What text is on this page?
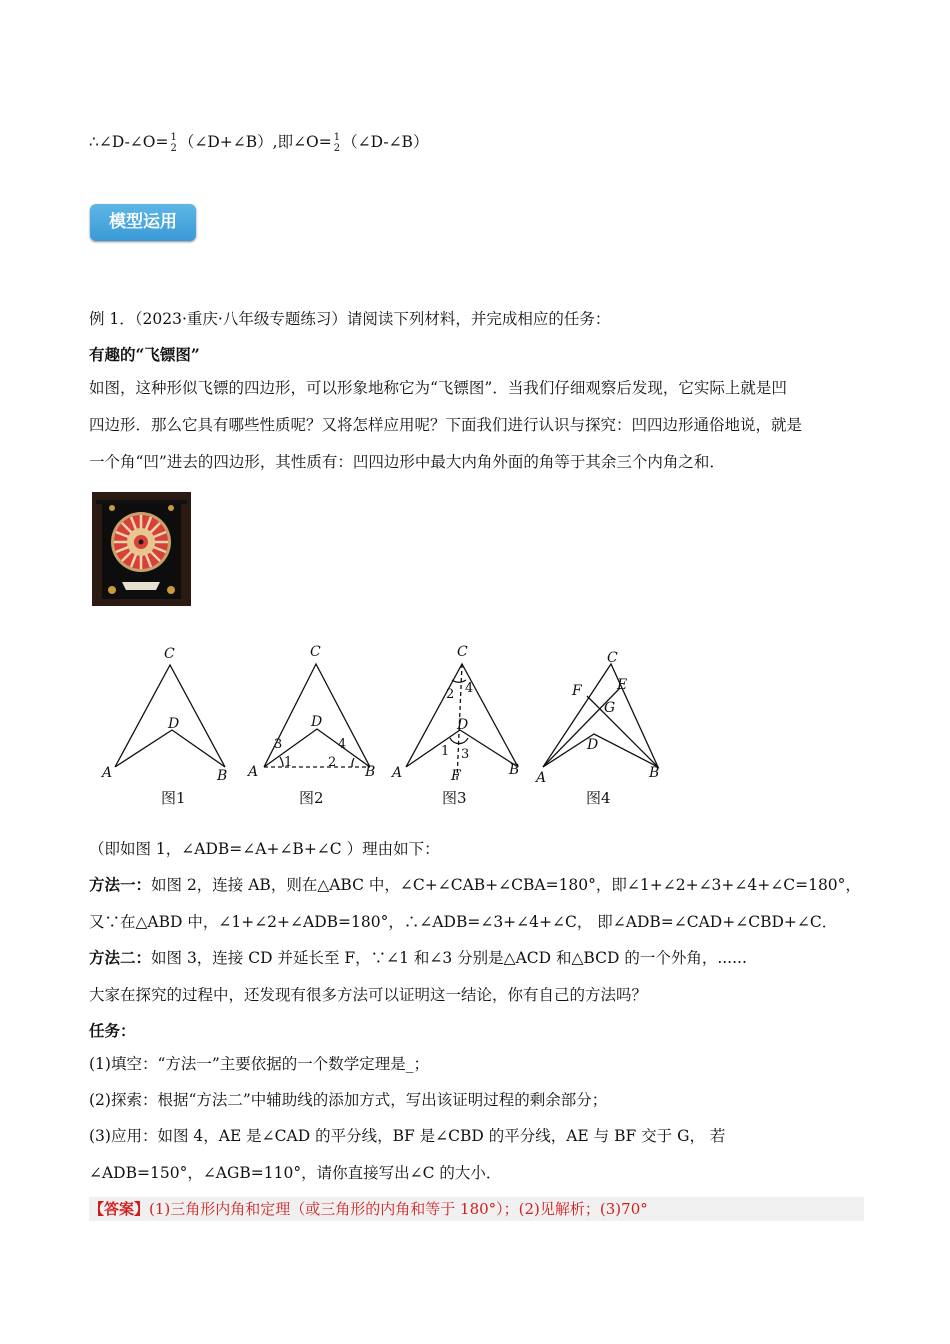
∴∠D-∠O= 1
2 （∠D+∠B）,即∠O= 1
2 （∠D-∠B）
模型运用
例 1．（2023·重庆·八年级专题练习）请阅读下列材料，并完成相应的任务：
有趣的“飞镖图”
如图，这种形似飞镖的四边形，可以形象地称它为“飞镖图”．当我们仔细观察后发现，它实际上就是凹
四边形．那么它具有哪些性质呢？又将怎样应用呢？下面我们进行认识与探究：凹四边形通俗地说，就是
一个角“凹”进去的四边形，其性质有：凹四边形中最大内角外面的角等于其余三个内角之和．
C
D
A	B
C
D
A	B
C
D
A	B
F
C
E
F
G
D
A	B
3
1
4
2
2 4
1 3
图1	图2	图3	图4
（即如图 1，∠ADB=∠A+∠B+∠C ）理由如下：
方法一：如图 2，连接 AB，则在△ABC 中，∠C+∠CAB+∠CBA=180°，即∠1+∠2+∠3+∠4+∠C=180°，
又∵在△ABD 中，∠1+∠2+∠ADB=180°，∴∠ADB=∠3+∠4+∠C， 即∠ADB=∠CAD+∠CBD+∠C．
方法二：如图 3，连接 CD 并延长至 F，∵∠1 和∠3 分别是△ACD 和△BCD 的一个外角，......
大家在探究的过程中，还发现有很多方法可以证明这一结论，你有自己的方法吗？
任务：
(1)填空：“方法一”主要依据的一个数学定理是_；
(2)探索：根据“方法二”中辅助线的添加方式，写出该证明过程的剩余部分；
(3)应用：如图 4，AE 是∠CAD 的平分线，BF 是∠CBD 的平分线，AE 与 BF 交于 G， 若
∠ADB=150°，∠AGB=110°，请你直接写出∠C 的大小．
【答案】(1)三角形内角和定理（或三角形的内角和等于 180°）；(2)见解析；(3)70°
